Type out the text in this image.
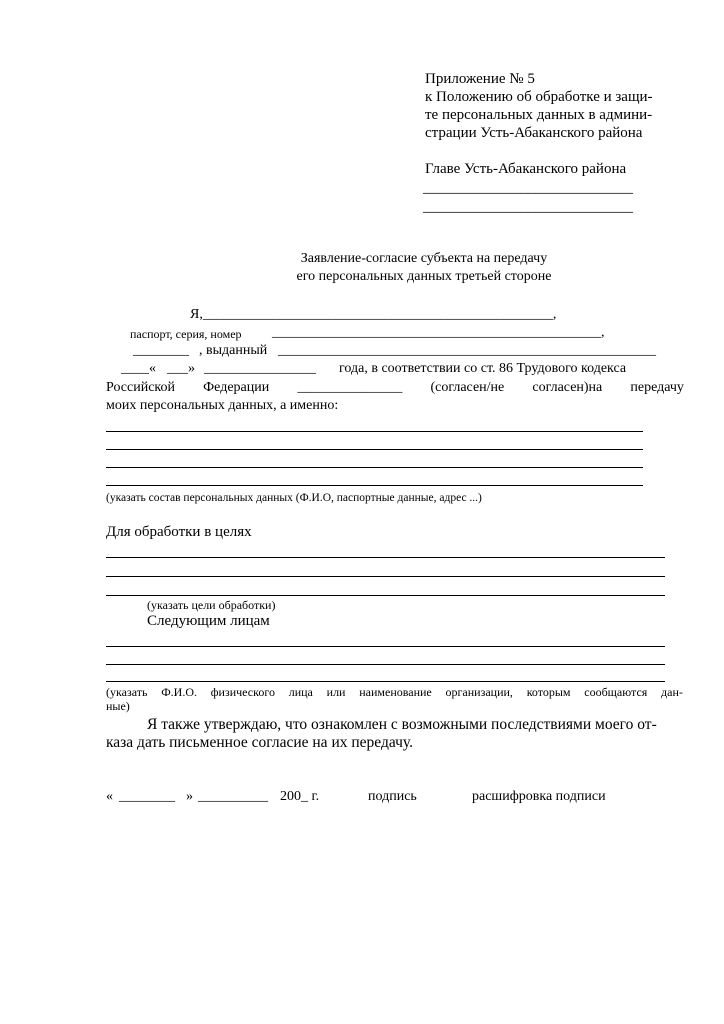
Приложение № 5
к Положению об обработке и защи-
те персональных данных в админи-
страции Усть-Абаканского района
Главе Усть-Абаканского района
____________________________
____________________________
Заявление-согласие субъекта на передачу
его персональных данных третьей стороне
Я,__________________________________________________,
паспорт, серия, номер _______________________________________________,
________ , выданный ______________________________________________________
____« ___» ________________ года, в соответствии со ст. 86 Трудового кодекса
Российской Федерации _______________ (согласен/не согласен)на передачу
моих персональных данных, а именно:
(указать состав персональных данных (Ф.И.О, паспортные данные, адрес ...)
Для обработки в целях
(указать цели обработки)
Следующим лицам
(указать Ф.И.О. физического лица или наименование организации, которым сообщаются дан-
ные)
Я также утверждаю, что ознакомлен с возможными последствиями моего от-
каза дать письменное согласие на их передачу.
« ________ » __________ 200_ г.	подпись	расшифровка подписи
